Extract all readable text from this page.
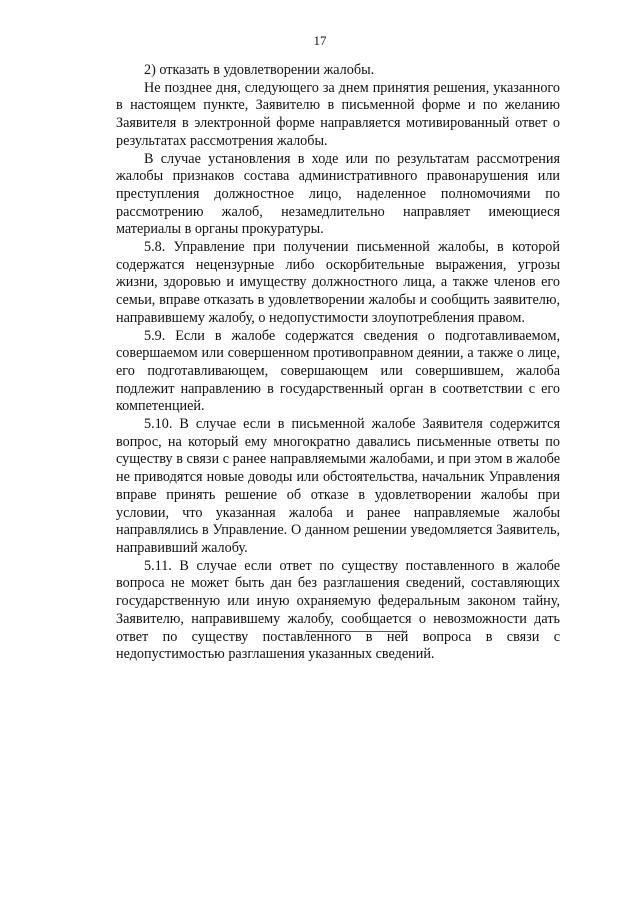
17

2) отказать в удовлетворении жалобы.

Не позднее дня, следующего за днем принятия решения, указанного в настоящем пункте, Заявителю в письменной форме и по желанию Заявителя в электронной форме направляется мотивированный ответ о результатах рассмотрения жалобы.

В случае установления в ходе или по результатам рассмотрения жалобы признаков состава административного правонарушения или преступления должностное лицо, наделенное полномочиями по рассмотрению жалоб, незамедлительно направляет имеющиеся материалы в органы прокуратуры.

5.8. Управление при получении письменной жалобы, в которой содержатся нецензурные либо оскорбительные выражения, угрозы жизни, здоровью и имуществу должностного лица, а также членов его семьи, вправе отказать в удовлетворении жалобы и сообщить заявителю, направившему жалобу, о недопустимости злоупотребления правом.

5.9. Если в жалобе содержатся сведения о подготавливаемом, совершаемом или совершенном противоправном деянии, а также о лице, его подготавливающем, совершающем или совершившем, жалоба подлежит направлению в государственный орган в соответствии с его компетенцией.

5.10. В случае если в письменной жалобе Заявителя содержится вопрос, на который ему многократно давались письменные ответы по существу в связи с ранее направляемыми жалобами, и при этом в жалобе не приводятся новые доводы или обстоятельства, начальник Управления вправе принять решение об отказе в удовлетворении жалобы при условии, что указанная жалоба и ранее направляемые жалобы направлялись в Управление. О данном решении уведомляется Заявитель, направивший жалобу.

5.11. В случае если ответ по существу поставленного в жалобе вопроса не может быть дан без разглашения сведений, составляющих государственную или иную охраняемую федеральным законом тайну, Заявителю, направившему жалобу, сообщается о невозможности дать ответ по существу поставленного в ней вопроса в связи с недопустимостью разглашения указанных сведений.
